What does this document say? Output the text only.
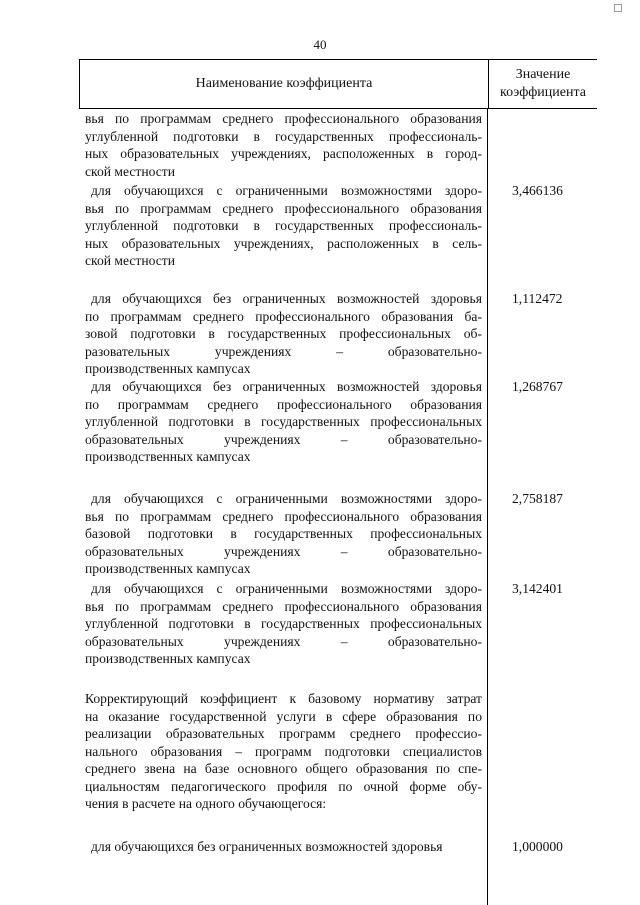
40
Наименование коэффициента
Значение
коэффициента
вья по программам среднего профессионального образования
углубленной подготовки в государственных профессиональ-
ных образовательных учреждениях, расположенных в город-
ской местности
для обучающихся с ограниченными возможностями здоро-
вья по программам среднего профессионального образования
углубленной подготовки в государственных профессиональ-
ных образовательных учреждениях, расположенных в сель-
ской местности
3,466136
для обучающихся без ограниченных возможностей здоровья
по программам среднего профессионального образования ба-
зовой подготовки в государственных профессиональных об-
разовательных учреждениях – образовательно-
производственных кампусах
1,112472
для обучающихся без ограниченных возможностей здоровья
по программам среднего профессионального образования
углубленной подготовки в государственных профессиональных
образовательных учреждениях – образовательно-
производственных кампусах
1,268767
для обучающихся с ограниченными возможностями здоро-
вья по программам среднего профессионального образования
базовой подготовки в государственных профессиональных
образовательных учреждениях – образовательно-
производственных кампусах
2,758187
для обучающихся с ограниченными возможностями здоро-
вья по программам среднего профессионального образования
углубленной подготовки в государственных профессиональных
образовательных учреждениях – образовательно-
производственных кампусах
3,142401
Корректирующий коэффициент к базовому нормативу затрат
на оказание государственной услуги в сфере образования по
реализации образовательных программ среднего профессио-
нального образования – программ подготовки специалистов
среднего звена на базе основного общего образования по спе-
циальностям педагогического профиля по очной форме обу-
чения в расчете на одного обучающегося:
для обучающихся без ограниченных возможностей здоровья	1,000000
